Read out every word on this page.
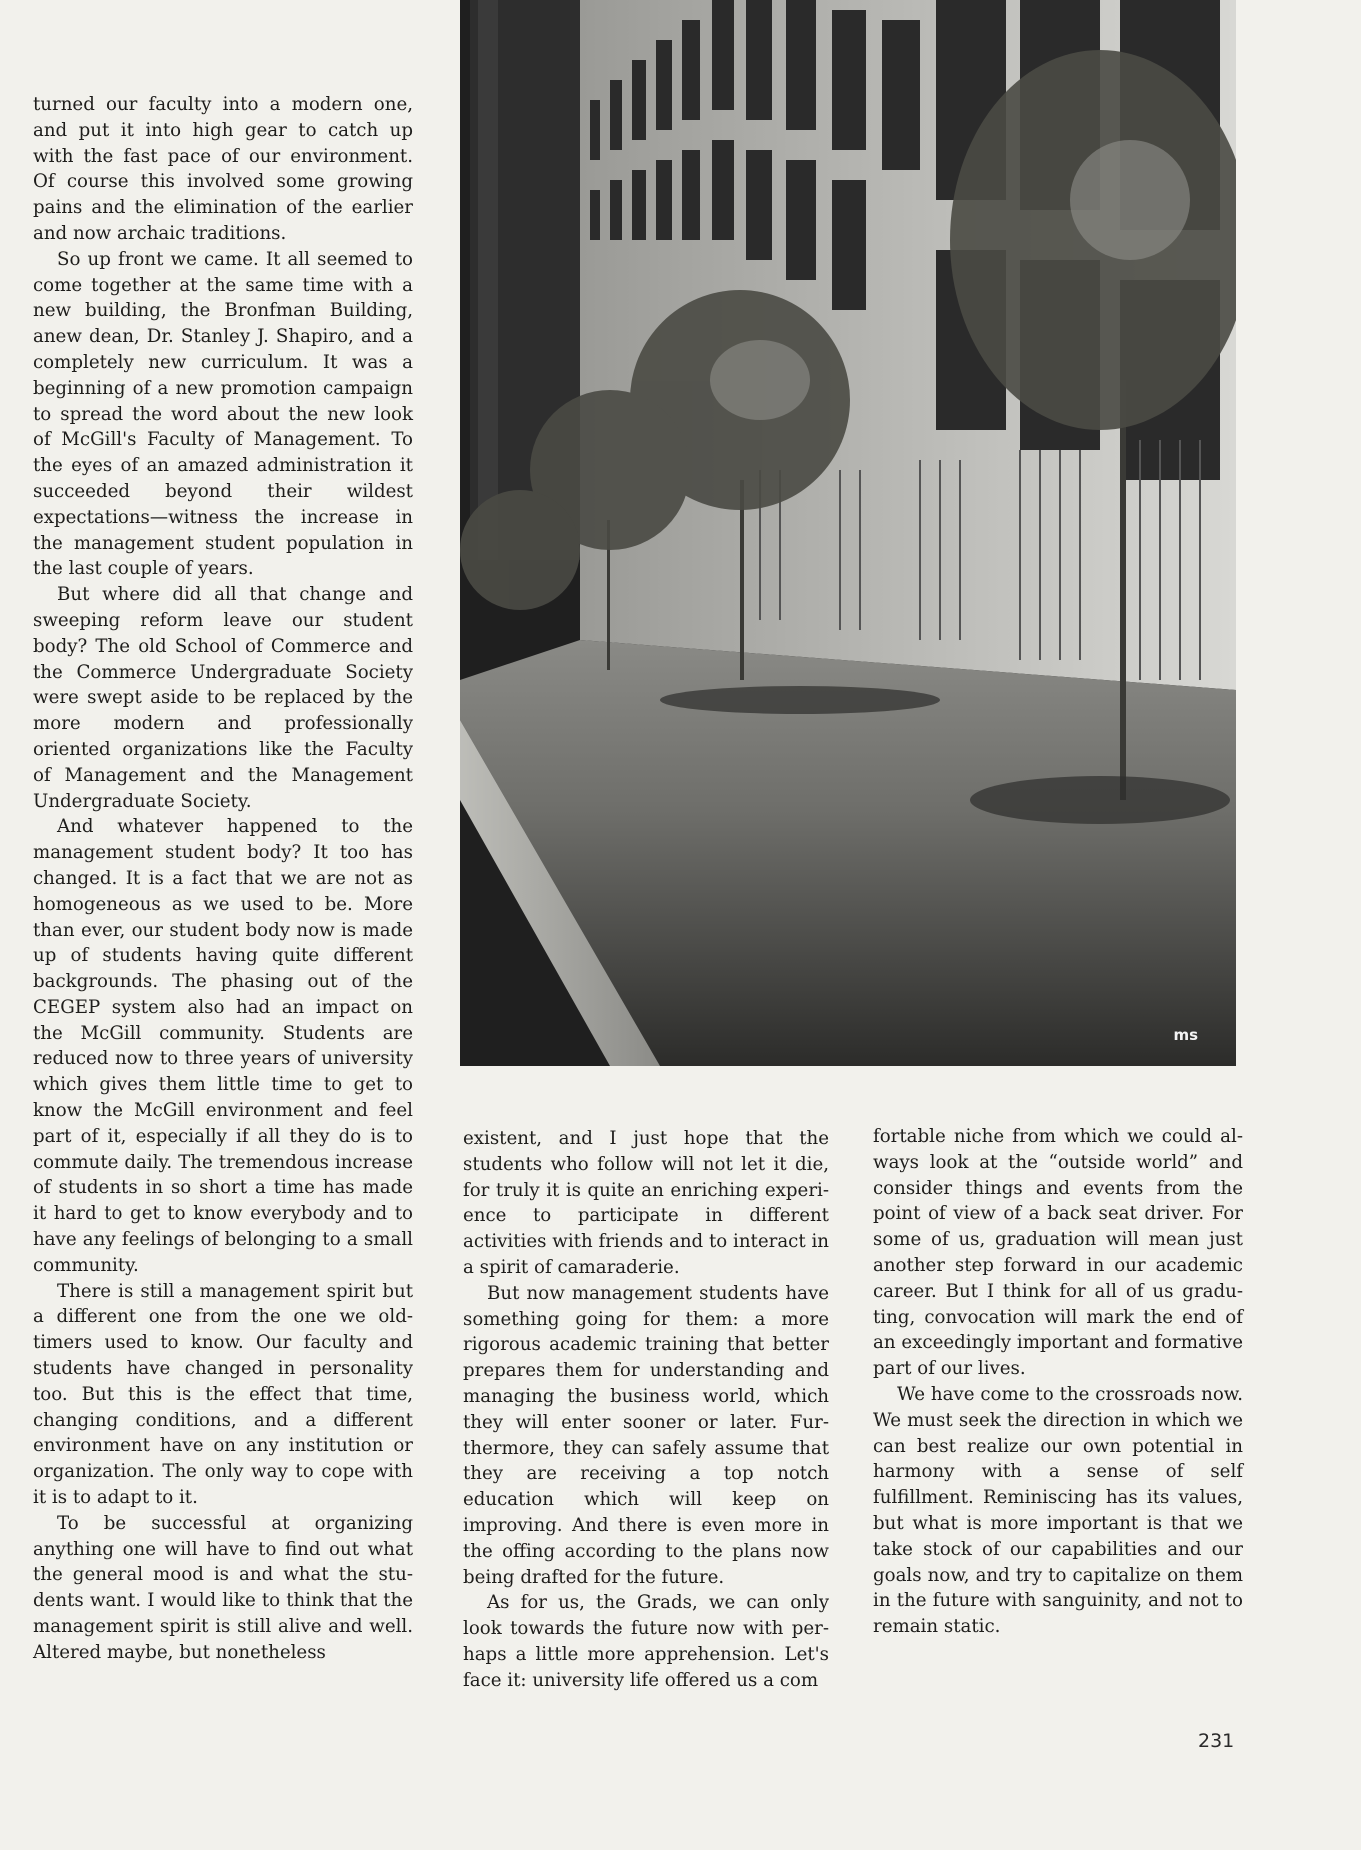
turned our faculty into a modern one, and put it into high gear to catch up with the fast pace of our environment. Of course this involved some growing pains and the elimination of the earlier and now archaic traditions.

So up front we came. It all seemed to come together at the same time with a new building, the Bronfman Building, anew dean, Dr. Stanley J. Shapiro, and a completely new curriculum. It was a beginning of a new promotion campaign to spread the word about the new look of McGill's Faculty of Management. To the eyes of an amazed administration it succeeded beyond their wildest expectations—witness the increase in the management student population in the last couple of years.

But where did all that change and sweeping reform leave our student body? The old School of Commerce and the Commerce Undergraduate Society were swept aside to be replaced by the more modern and professionally oriented organizations like the Faculty of Management and the Management Undergraduate Society.

And whatever happened to the management student body? It too has changed. It is a fact that we are not as homogeneous as we used to be. More than ever, our student body now is made up of students having quite different backgrounds. The phasing out of the CEGEP system also had an impact on the McGill community. Students are reduced now to three years of university which gives them little time to get to know the McGill environment and feel part of it, especially if all they do is to commute daily. The tremendous increase of students in so short a time has made it hard to get to know everybody and to have any feelings of belonging to a small community.

There is still a management spirit but a different one from the one we oldtimers used to know. Our faculty and students have changed in personality too. But this is the effect that time, changing conditions, and a different environment have on any institution or organization. The only way to cope with it is to adapt to it.

To be successful at organizing anything one will have to find out what the general mood is and what the students want. I would like to think that the management spirit is still alive and well. Altered maybe, but nonetheless

ms

existent, and I just hope that the students who follow will not let it die, for truly it is quite an enriching experience to participate in different activities with friends and to interact in a spirit of camaraderie.

But now management students have something going for them: a more rigorous academic training that better prepares them for understanding and managing the business world, which they will enter sooner or later. Furthermore, they can safely assume that they are receiving a top notch education which will keep on improving. And there is even more in the offing according to the plans now being drafted for the future.

As for us, the Grads, we can only look towards the future now with perhaps a little more apprehension. Let's face it: university life offered us a com

fortable niche from which we could always look at the “outside world” and consider things and events from the point of view of a back seat driver. For some of us, graduation will mean just another step forward in our academic career. But I think for all of us graduting, convocation will mark the end of an exceedingly important and formative part of our lives.

We have come to the crossroads now. We must seek the direction in which we can best realize our own potential in harmony with a sense of self fulfillment. Reminiscing has its values, but what is more important is that we take stock of our capabilities and our goals now, and try to capitalize on them in the future with sanguinity, and not to remain static.

231
